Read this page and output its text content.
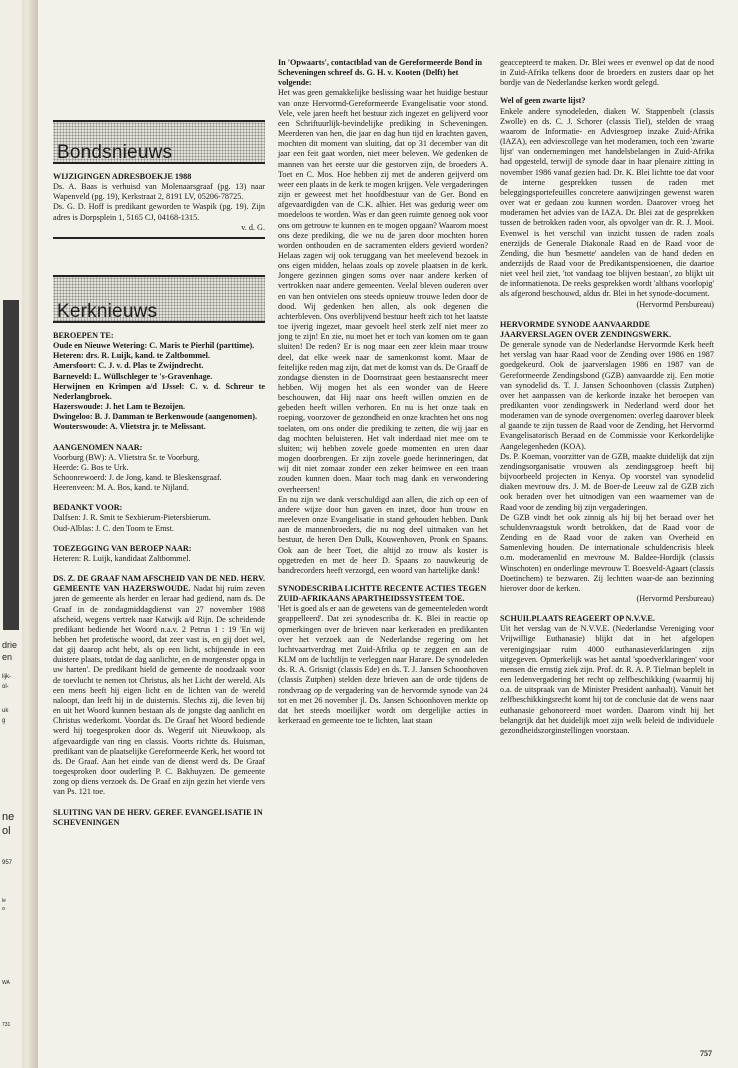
drie
en
lijk-
ol-
uk
g
ne
ol
957
le
o
WA
731
Bondsnieuws
WIJZIGINGEN ADRESBOEKJE 1988

Ds. A. Baas is verhuisd van Molenaarsgraaf (pg. 13) naar Wapenveld (pg. 19), Kerkstraat 2, 8191 LV, 05206-78725.

Ds. G. D. Hoff is predikant geworden te Waspik (pg. 19). Zijn adres is Dorpsplein 1, 5165 CJ, 04168-1315.

v. d. G.

Kerknieuws
BEROEPEN TE:

Oude en Nieuwe Wetering: C. Maris te Pierhil (parttime).

Heteren: drs. R. Luijk, kand. te Zaltbommel.

Amersfoort: C. J. v. d. Plas te Zwijndrecht.

Barneveld: L. Wüllschleger te 's-Gravenhage.

Herwijnen en Krimpen a/d IJssel: C. v. d. Schreur te Nederlangbroek.

Hazerswoude: J. het Lam te Bezoijen.

Dwingeloo: B. J. Damman te Berkenwoude (aangenomen).

Wouterswoude: A. Vlietstra jr. te Melissant.

AANGENOMEN NAAR:

Voorburg (BW): A. Vlietstra Sr. te Voorburg.

Heerde: G. Bos te Urk.

Schoonrewoerd: J. de Jong, kand. te Bleskensgraaf.

Heerenveen: M. A. Bos, kand. te Nijland.

BEDANKT VOOR:

Dalfsen: J. R. Smit te Sexbierum-Pietersbierum.

Oud-Alblas: J. C. den Toom te Emst.

TOEZEGGING VAN BEROEP NAAR:

Heteren: R. Luijk, kandidaat Zaltbommel.

DS. Z. DE GRAAF NAM AFSCHEID VAN DE NED. HERV. GEMEENTE VAN HAZERSWOUDE. Nadat hij ruim zeven jaren de gemeente als herder en leraar had gediend, nam ds. De Graaf in de zondagmiddagdienst van 27 november 1988 afscheid, wegens vertrek naar Katwijk a/d Rijn. De scheidende predikant bediende het Woord n.a.v. 2 Petrus 1 : 19 'En wij hebben het profetische woord, dat zeer vast is, en gij doet wel, dat gij daarop acht hebt, als op een licht, schijnende in een duistere plaats, totdat de dag aanlichte, en de morgenster opga in uw harten'. De predikant hield de gemeente de noodzaak voor de toevlucht te nemen tot Christus, als het Licht der wereld. Als een mens heeft hij eigen licht en de lichten van de wereld naloopt, dan leeft hij in de duisternis. Slechts zij, die leven bij en uit het Woord kunnen bestaan als de jongste dag aanlicht en Christus wederkomt. Voordat ds. De Graaf het Woord bediende werd hij toegesproken door ds. Wegerif uit Nieuwkoop, als afgevaardigde van ring en classis. Voorts richtte ds. Huisman, predikant van de plaatselijke Gereformeerde Kerk, het woord tot ds. De Graaf. Aan het einde van de dienst werd ds. De Graaf toegesproken door ouderling P. C. Bakhuyzen. De gemeente zong op diens verzoek ds. De Graaf en zijn gezin het vierde vers van Ps. 121 toe.

SLUITING VAN DE HERV. GEREF. EVANGELISATIE IN SCHEVENINGEN
In 'Opwaarts', contactblad van de Gereformeerde Bond in Scheveningen schreef ds. G. H. v. Kooten (Delft) het volgende:

Het was geen gemakkelijke beslissing waar het huidige bestuur van onze Hervormd-Gereformeerde Evangelisatie voor stond. Vele, vele jaren heeft het bestuur zich ingezet en gelijverd voor een Schriftuurlijk-bevindelijke prediking in Scheveningen. Meerderen van hen, die jaar en dag hun tijd en krachten gaven, mochten dit moment van sluiting, dat op 31 december van dit jaar een feit gaat worden, niet meer beleven. We gedenken de mannen van het eerste uur die gestorven zijn, de broeders A. Toet en C. Mos. Hoe hebben zij met de anderen geijverd om weer een plaats in de kerk te mogen krijgen. Vele vergaderingen zijn er geweest met het hoofdbestuur van de Ger. Bond en afgevaardigden van de C.K. alhier. Het was gedurig weer om moedeloos te worden. Was er dan geen ruimte genoeg ook voor ons om getrouw te kunnen en te mogen opgaan? Waarom moest ons deze prediking, die we nu de jaren door mochten horen worden onthouden en de sacramenten elders gevierd worden? Helaas zagen wij ook teruggang van het meelevend bezoek in ons eigen midden, helaas zoals op zovele plaatsen in de kerk. Jongere gezinnen gingen soms over naar andere kerken of vertrokken naar andere gemeenten. Veelal bleven ouderen over en van hen ontvielen ons steeds opnieuw trouwe leden door de dood. Wij gedenken hen allen, als ook degenen die achterbleven. Ons overblijvend bestuur heeft zich tot het laatste toe ijverig ingezet, maar gevoelt heel sterk zelf niet meer zo jong te zijn! En zie, nu moet het er toch van komen om te gaan sluiten! De reden? Er is nog maar een zeer klein maar trouw deel, dat elke week naar de samenkomst komt. Maar de feitelijke reden mag zijn, dat met de komst van ds. De Graaff de zondagse diensten in de Doornstraat geen bestaansrecht meer hebben. Wij mogen het als een wonder van de Heere beschouwen, dat Hij naar ons heeft willen omzien en de gebeden heeft willen verhoren. En nu is het onze taak en roeping, voorzover de gezondheid en onze krachten het ons nog toelaten, om ons onder die prediking te zetten, die wij jaar en dag mochten beluisteren. Het valt inderdaad niet mee om te sluiten; wij hebben zovele goede momenten en uren daar mogen doorbrengen. Er zijn zovele goede herinneringen, dat wij dit niet zomaar zonder een zeker heimwee en een traan zouden kunnen doen. Maar toch mag dank en verwondering overheersen!

En nu zijn we dank verschuldigd aan allen, die zich op een of andere wijze door hun gaven en inzet, door hun trouw en meeleven onze Evangelisatie in stand gehouden hebben. Dank aan de mannenbroeders, die nu nog deel uitmaken van het bestuur, de heren Den Dulk, Kouwenhoven, Pronk en Spaans. Ook aan de heer Toet, die altijd zo trouw als koster is opgetreden en met de heer D. Spaans zo nauwkeurig de bandrecorders heeft verzorgd, een woord van hartelijke dank!

SYNODESCRIBA LICHTTE RECENTE ACTIES TEGEN ZUID-AFRIKAANS APARTHEIDSSYSTEEM TOE.

'Het is goed als er aan de gewetens van de gemeenteleden wordt geappelleerd'. Dat zei synodescriba dr. K. Blei in reactie op opmerkingen over de brieven naar kerkeraden en predikanten over het verzoek aan de Nederlandse regering om het luchtvaartverdrag met Zuid-Afrika op te zeggen en aan de KLM om de luchtlijn te verleggen naar Harare. De synodeleden ds. R. A. Grisnigt (classis Ede) en ds. T. J. Jansen Schoonhoven (classis Zutphen) stelden deze brieven aan de orde tijdens de rondvraag op de vergadering van de hervormde synode van 24 tot en met 26 november jl. Ds. Jansen Schoonhoven merkte op dat het steeds moeilijker wordt om dergelijke acties in kerkeraad en gemeente toe te lichten, laat staan

geaccepteerd te maken. Dr. Blei wees er evenwel op dat de nood in Zuid-Afrika telkens door de broeders en zusters daar op het bordje van de Nederlandse kerken wordt gelegd.

Wel of geen zwarte lijst?

Enkele andere synodeleden, diaken W. Stappenbelt (classis Zwolle) en ds. C. J. Schorer (classis Tiel), stelden de vraag waarom de Informatie- en Adviesgroep inzake Zuid-Afrika (IAZA), een adviescollege van het moderamen, toch een 'zwarte lijst' van ondernemingen met handelsbelangen in Zuid-Afrika had opgesteld, terwijl de synode daar in haar plenaire zitting in november 1986 vanaf gezien had. Dr. K. Blei lichtte toe dat voor de interne gesprekken tussen de raden met beleggingsportefeuilles concretere aanwijzingen gewenst waren over wat er gedaan zou kunnen worden. Daarover vroeg het moderamen het advies van de IAZA. Dr. Blei zat de gesprekken tussen de betrokken raden voor, als opvolger van dr. R. J. Mooi. Evenwel is het verschil van inzicht tussen de raden zoals enerzijds de Generale Diakonale Raad en de Raad voor de Zending, die hun 'besmette' aandelen van de hand deden en anderzijds de Raad voor de Predikantspensioenen, die daartoe niet veel heil ziet, 'tot vandaag toe blijven bestaan', zo blijkt uit de informatienota. De reeks gesprekken wordt 'althans voorlopig' als afgerond beschouwd, aldus dr. Blei in het synode-document.

(Hervormd Persbureau)

HERVORMDE SYNODE AANVAARDDE JAARVERSLAGEN OVER ZENDINGSWERK.

De generale synode van de Nederlandse Hervormde Kerk heeft het verslag van haar Raad voor de Zending over 1986 en 1987 goedgekeurd. Ook de jaarverslagen 1986 en 1987 van de Gereformeerde Zendingsbond (GZB) aanvaardde zij. Een motie van synodelid ds. T. J. Jansen Schoonhoven (classis Zutphen) over het aanpassen van de kerkorde inzake het beroepen van predikanten voor zendingswerk in Nederland werd door het moderamen van de synode overgenomen: overleg daarover bleek al gaande te zijn tussen de Raad voor de Zending, het Hervormd Evangelisatorisch Beraad en de Commissie voor Kerkordelijke Aangelegenheden (KOA).

Ds. P. Koeman, voorzitter van de GZB, maakte duidelijk dat zijn zendingsorganisatie vrouwen als zendingsgroep heeft bij bijvoorbeeld projecten in Kenya. Op voorstel van synodelid diaken mevrouw drs. J. M. de Boer-de Leeuw zal de GZB zich ook beraden over het uitnodigen van een waarnemer van de Raad voor de zending bij zijn vergaderingen.

De GZB vindt het ook zinnig als hij bij het beraad over het schuldenvraagstuk wordt betrokken, dat de Raad voor de Zending en de Raad voor de zaken van Overheid en Samenleving houden. De internationale schuldencrisis bleek o.m. moderamenlid en mevrouw M. Baldee-Hordijk (classis Winschoten) en onderlinge mevrouw T. Boesveld-Agaart (classis Doetinchem) te bezwaren. Zij lechtten waar-de aan bezinning hierover door de kerken.

(Hervormd Persbureau)

SCHUILPLAATS REAGEERT OP N.V.V.E.

Uit het verslag van de N.V.V.E. (Nederlandse Vereniging voor Vrijwillige Euthanasie) blijkt dat in het afgelopen verenigingsjaar ruim 4000 euthanasieverklaringen zijn uitgegeven. Opmerkelijk was het aantal 'spoedverklaringen' voor mensen die ernstig ziek zijn. Prof. dr. R. A. P. Tielman beplelt in een ledenvergadering het recht op zelfbeschikking (waarmij hij o.a. de uitspraak van de Minister President aanhaalt). Vanuit het zelfbeschikkingsrecht komt hij tot de conclusie dat de wens naar euthanasie gehonoreerd moet worden. Daarom vindt hij het belangrijk dat het duidelijk moet zijn welk beleid de individuele gezondheidszorginstellingen voorstaan.

757
